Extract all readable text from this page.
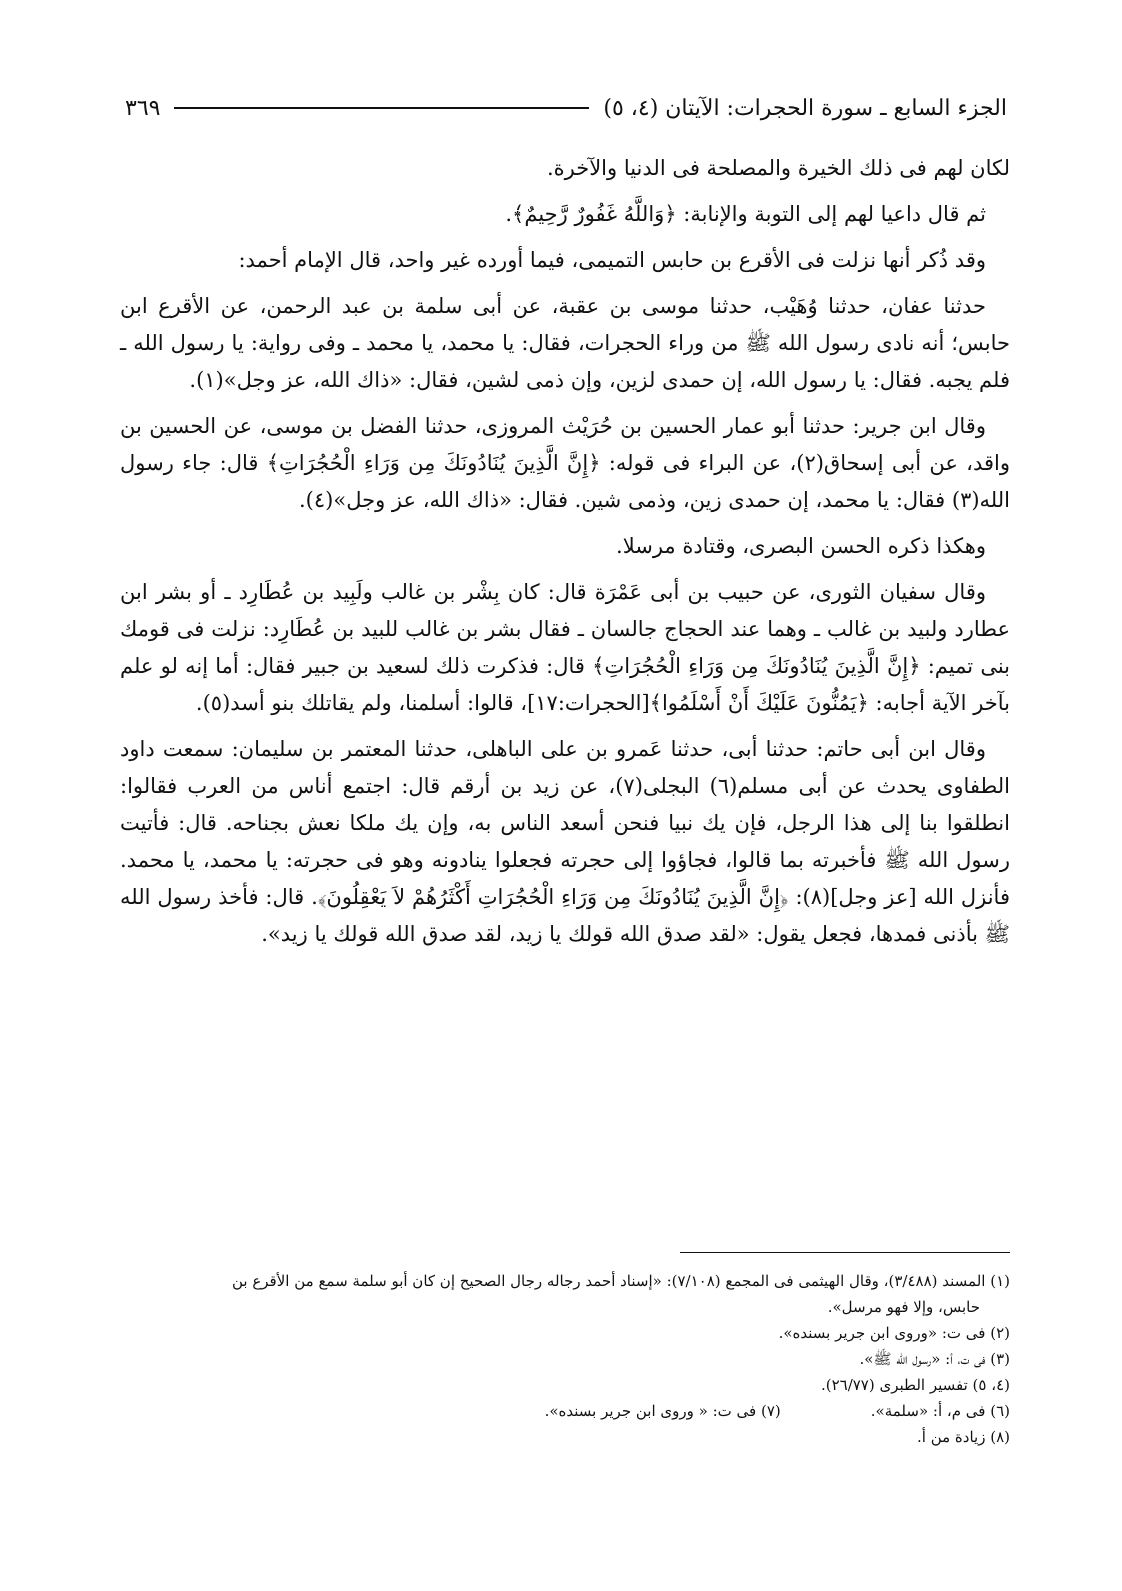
الجزء السابع ـ سورة الحجرات: الآيتان (٤، ٥)
٣٦٩

لكان لهم فى ذلك الخيرة والمصلحة فى الدنيا والآخرة.

ثم قال داعيا لهم إلى التوبة والإنابة: ﴿وَاللَّهُ غَفُورٌ رَّحِيمٌ﴾.

وقد ذُكر أنها نزلت فى الأقرع بن حابس التميمى، فيما أورده غير واحد، قال الإمام أحمد:

حدثنا عفان، حدثنا وُهَيْب، حدثنا موسى بن عقبة، عن أبى سلمة بن عبد الرحمن، عن الأقرع ابن حابس؛ أنه نادى رسول الله ﷺ من وراء الحجرات، فقال: يا محمد، يا محمد ـ وفى رواية: يا رسول الله ـ فلم يجبه. فقال: يا رسول الله، إن حمدى لزين، وإن ذمى لشين، فقال: «ذاك الله، عز وجل»(١).

وقال ابن جرير: حدثنا أبو عمار الحسين بن حُرَيْث المروزى، حدثنا الفضل بن موسى، عن الحسين بن واقد، عن أبى إسحاق(٢)، عن البراء فى قوله: ﴿إِنَّ الَّذِينَ يُنَادُونَكَ مِن وَرَاءِ الْحُجُرَاتِ﴾ قال: جاء رسول الله(٣) فقال: يا محمد، إن حمدى زين، وذمى شين. فقال: «ذاك الله، عز وجل»(٤).

وهكذا ذكره الحسن البصرى، وقتادة مرسلا.

وقال سفيان الثورى، عن حبيب بن أبى عَمْرَة قال: كان بِشْر بن غالب ولَبِيد بن عُطَارِد ـ أو بشر ابن عطارد ولبيد بن غالب ـ وهما عند الحجاج جالسان ـ فقال بشر بن غالب للبيد بن عُطَارِد: نزلت فى قومك بنى تميم: ﴿إِنَّ الَّذِينَ يُنَادُونَكَ مِن وَرَاءِ الْحُجُرَاتِ﴾ قال: فذكرت ذلك لسعيد بن جبير فقال: أما إنه لو علم بآخر الآية أجابه: ﴿يَمُنُّونَ عَلَيْكَ أَنْ أَسْلَمُوا﴾[الحجرات:١٧]، قالوا: أسلمنا، ولم يقاتلك بنو أسد(٥).

وقال ابن أبى حاتم: حدثنا أبى، حدثنا عَمرو بن على الباهلى، حدثنا المعتمر بن سليمان: سمعت داود الطفاوى يحدث عن أبى مسلم(٦) البجلى(٧)، عن زيد بن أرقم قال: اجتمع أناس من العرب فقالوا: انطلقوا بنا إلى هذا الرجل، فإن يك نبيا فنحن أسعد الناس به، وإن يك ملكا نعش بجناحه. قال: فأتيت رسول الله ﷺ فأخبرته بما قالوا، فجاؤوا إلى حجرته فجعلوا ينادونه وهو فى حجرته: يا محمد، يا محمد. فأنزل الله [عز وجل](٨): ﴿إِنَّ الَّذِينَ يُنَادُونَكَ مِن وَرَاءِ الْحُجُرَاتِ أَكْثَرُهُمْ لاَ يَعْقِلُونَ﴾. قال: فأخذ رسول الله ﷺ بأذنى فمدها، فجعل يقول: «لقد صدق الله قولك يا زيد، لقد صدق الله قولك يا زيد».

(١) المسند (٣/٤٨٨)، وقال الهيثمى فى المجمع (٧/١٠٨): «إسناد أحمد رجاله رجال الصحيح إن كان أبو سلمة سمع من الأقرع بن

حابس، وإلا فهو مرسل».

(٢) فى ت: «وروى ابن جرير بسنده».

(٣) فى ت، أ: «رسول الله ﷺ».

(٤، ٥) تفسير الطبرى (٢٦/٧٧).

(٦) فى م، أ: «سلمة».

(٧) فى ت: « وروى ابن جرير بسنده».

(٨) زيادة من أ.
